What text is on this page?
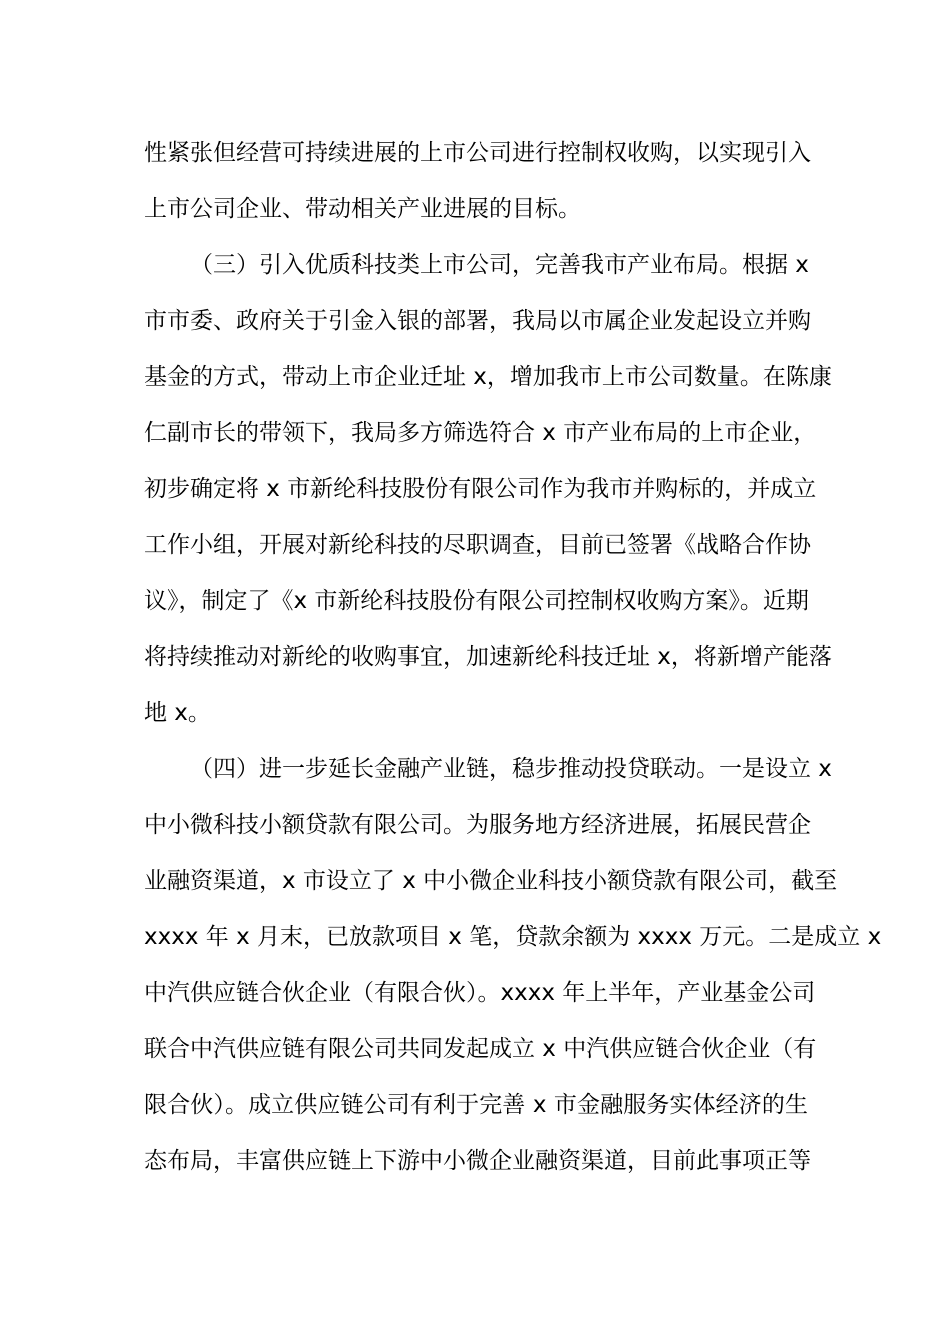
性紧张但经营可持续进展的上市公司进行控制权收购，以实现引入
上市公司企业、带动相关产业进展的目标。
（三）引入优质科技类上市公司，完善我市产业布局。根据 x
市市委、政府关于引金入银的部署，我局以市属企业发起设立并购
基金的方式，带动上市企业迁址 x，增加我市上市公司数量。在陈康
仁副市长的带领下，我局多方筛选符合 x 市产业布局的上市企业，
初步确定将 x 市新纶科技股份有限公司作为我市并购标的，并成立
工作小组，开展对新纶科技的尽职调查，目前已签署《战略合作协
议》，制定了《x 市新纶科技股份有限公司控制权收购方案》。近期
将持续推动对新纶的收购事宜，加速新纶科技迁址 x，将新增产能落
地 x。
（四）进一步延长金融产业链，稳步推动投贷联动。一是设立 x
中小微科技小额贷款有限公司。为服务地方经济进展，拓展民营企
业融资渠道，x 市设立了 x 中小微企业科技小额贷款有限公司，截至
xxxx 年 x 月末，已放款项目 x 笔，贷款余额为 xxxx 万元。二是成立 x
中汽供应链合伙企业（有限合伙）。xxxx 年上半年，产业基金公司
联合中汽供应链有限公司共同发起成立 x 中汽供应链合伙企业（有
限合伙）。成立供应链公司有利于完善 x 市金融服务实体经济的生
态布局，丰富供应链上下游中小微企业融资渠道，目前此事项正等
